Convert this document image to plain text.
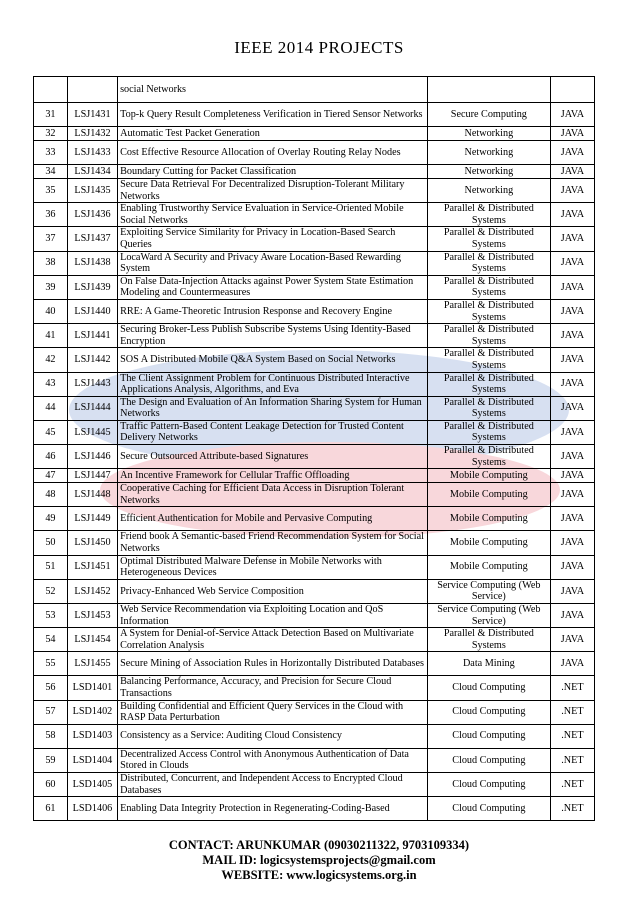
IEEE 2014 PROJECTS
		social Networks		
31	LSJ1431	Top-k Query Result Completeness Verification in Tiered Sensor Networks	Secure Computing	JAVA
32	LSJ1432	Automatic Test Packet Generation	Networking	JAVA
33	LSJ1433	Cost Effective Resource Allocation of Overlay Routing Relay Nodes	Networking	JAVA
34	LSJ1434	Boundary Cutting for Packet Classification	Networking	JAVA
35	LSJ1435	Secure Data Retrieval For Decentralized Disruption-Tolerant Military Networks	Networking	JAVA
36	LSJ1436	Enabling Trustworthy Service Evaluation in Service-Oriented Mobile Social Networks	Parallel & Distributed Systems	JAVA
37	LSJ1437	Exploiting Service Similarity for Privacy in Location-Based Search Queries	Parallel & Distributed Systems	JAVA
38	LSJ1438	LocaWard A Security and Privacy Aware Location-Based Rewarding System	Parallel & Distributed Systems	JAVA
39	LSJ1439	On False Data-Injection Attacks against Power System State Estimation Modeling and Countermeasures	Parallel & Distributed Systems	JAVA
40	LSJ1440	RRE: A Game-Theoretic Intrusion Response and Recovery Engine	Parallel & Distributed Systems	JAVA
41	LSJ1441	Securing Broker-Less Publish Subscribe Systems Using Identity-Based Encryption	Parallel & Distributed Systems	JAVA
42	LSJ1442	SOS A Distributed Mobile Q&A System Based on Social Networks	Parallel & Distributed Systems	JAVA
43	LSJ1443	The Client Assignment Problem for Continuous Distributed Interactive Applications Analysis, Algorithms, and Eva	Parallel & Distributed Systems	JAVA
44	LSJ1444	The Design and Evaluation of An Information Sharing System for Human Networks	Parallel & Distributed Systems	JAVA
45	LSJ1445	Traffic Pattern-Based Content Leakage Detection for Trusted Content Delivery Networks	Parallel & Distributed Systems	JAVA
46	LSJ1446	Secure Outsourced Attribute-based Signatures	Parallel & Distributed Systems	JAVA
47	LSJ1447	An Incentive Framework for Cellular Traffic Offloading	Mobile Computing	JAVA
48	LSJ1448	Cooperative Caching for Efficient Data Access in Disruption Tolerant Networks	Mobile Computing	JAVA
49	LSJ1449	Efficient Authentication for Mobile and Pervasive Computing	Mobile Computing	JAVA
50	LSJ1450	Friend book A Semantic-based Friend Recommendation System for Social Networks	Mobile Computing	JAVA
51	LSJ1451	Optimal Distributed Malware Defense in Mobile Networks with Heterogeneous Devices	Mobile Computing	JAVA
52	LSJ1452	Privacy-Enhanced Web Service Composition	Service Computing (Web Service)	JAVA
53	LSJ1453	Web Service Recommendation via Exploiting Location and QoS Information	Service Computing (Web Service)	JAVA
54	LSJ1454	A System for Denial-of-Service Attack Detection Based on Multivariate Correlation Analysis	Parallel & Distributed Systems	JAVA
55	LSJ1455	Secure Mining of Association Rules in Horizontally Distributed Databases	Data Mining	JAVA
56	LSD1401	Balancing Performance, Accuracy, and Precision for Secure Cloud Transactions	Cloud Computing	.NET
57	LSD1402	Building Confidential and Efficient Query Services in the Cloud with RASP Data Perturbation	Cloud Computing	.NET
58	LSD1403	Consistency as a Service: Auditing Cloud Consistency	Cloud Computing	.NET
59	LSD1404	Decentralized Access Control with Anonymous Authentication of Data Stored in Clouds	Cloud Computing	.NET
60	LSD1405	Distributed, Concurrent, and Independent Access to Encrypted Cloud Databases	Cloud Computing	.NET
61	LSD1406	Enabling Data Integrity Protection in Regenerating-Coding-Based	Cloud Computing	.NET
CONTACT: ARUNKUMAR (09030211322, 9703109334)
MAIL ID: logicsystemsprojects@gmail.com
WEBSITE: www.logicsystems.org.in
